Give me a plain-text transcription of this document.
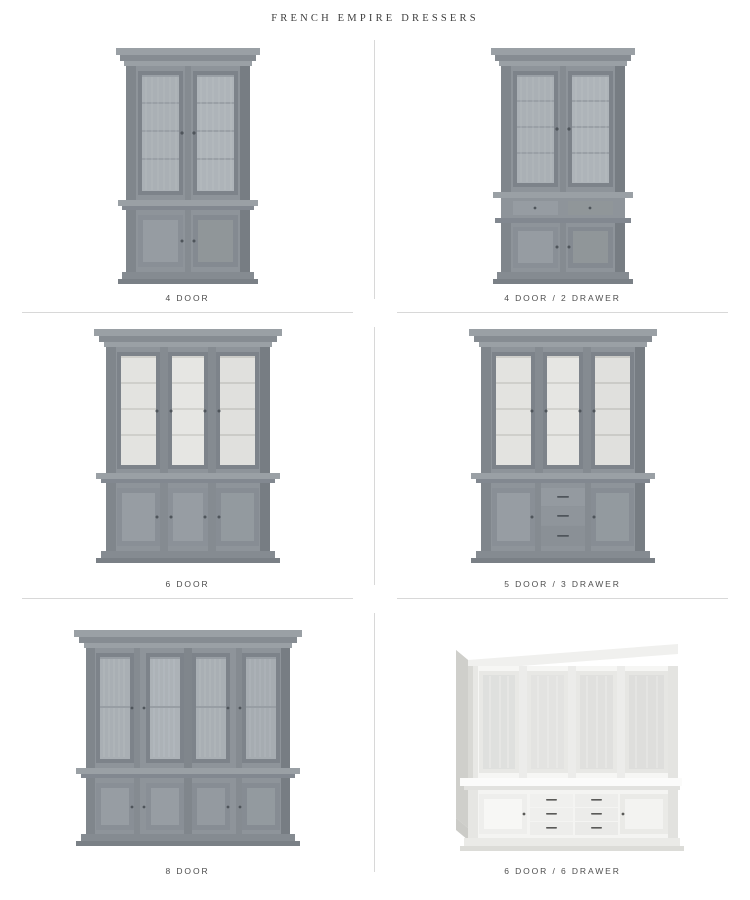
FRENCH EMPIRE DRESSERS
4 DOOR	4 DOOR / 2 DRAWER
6 DOOR	5 DOOR / 3 DRAWER
8 DOOR	6 DOOR / 6 DRAWER
